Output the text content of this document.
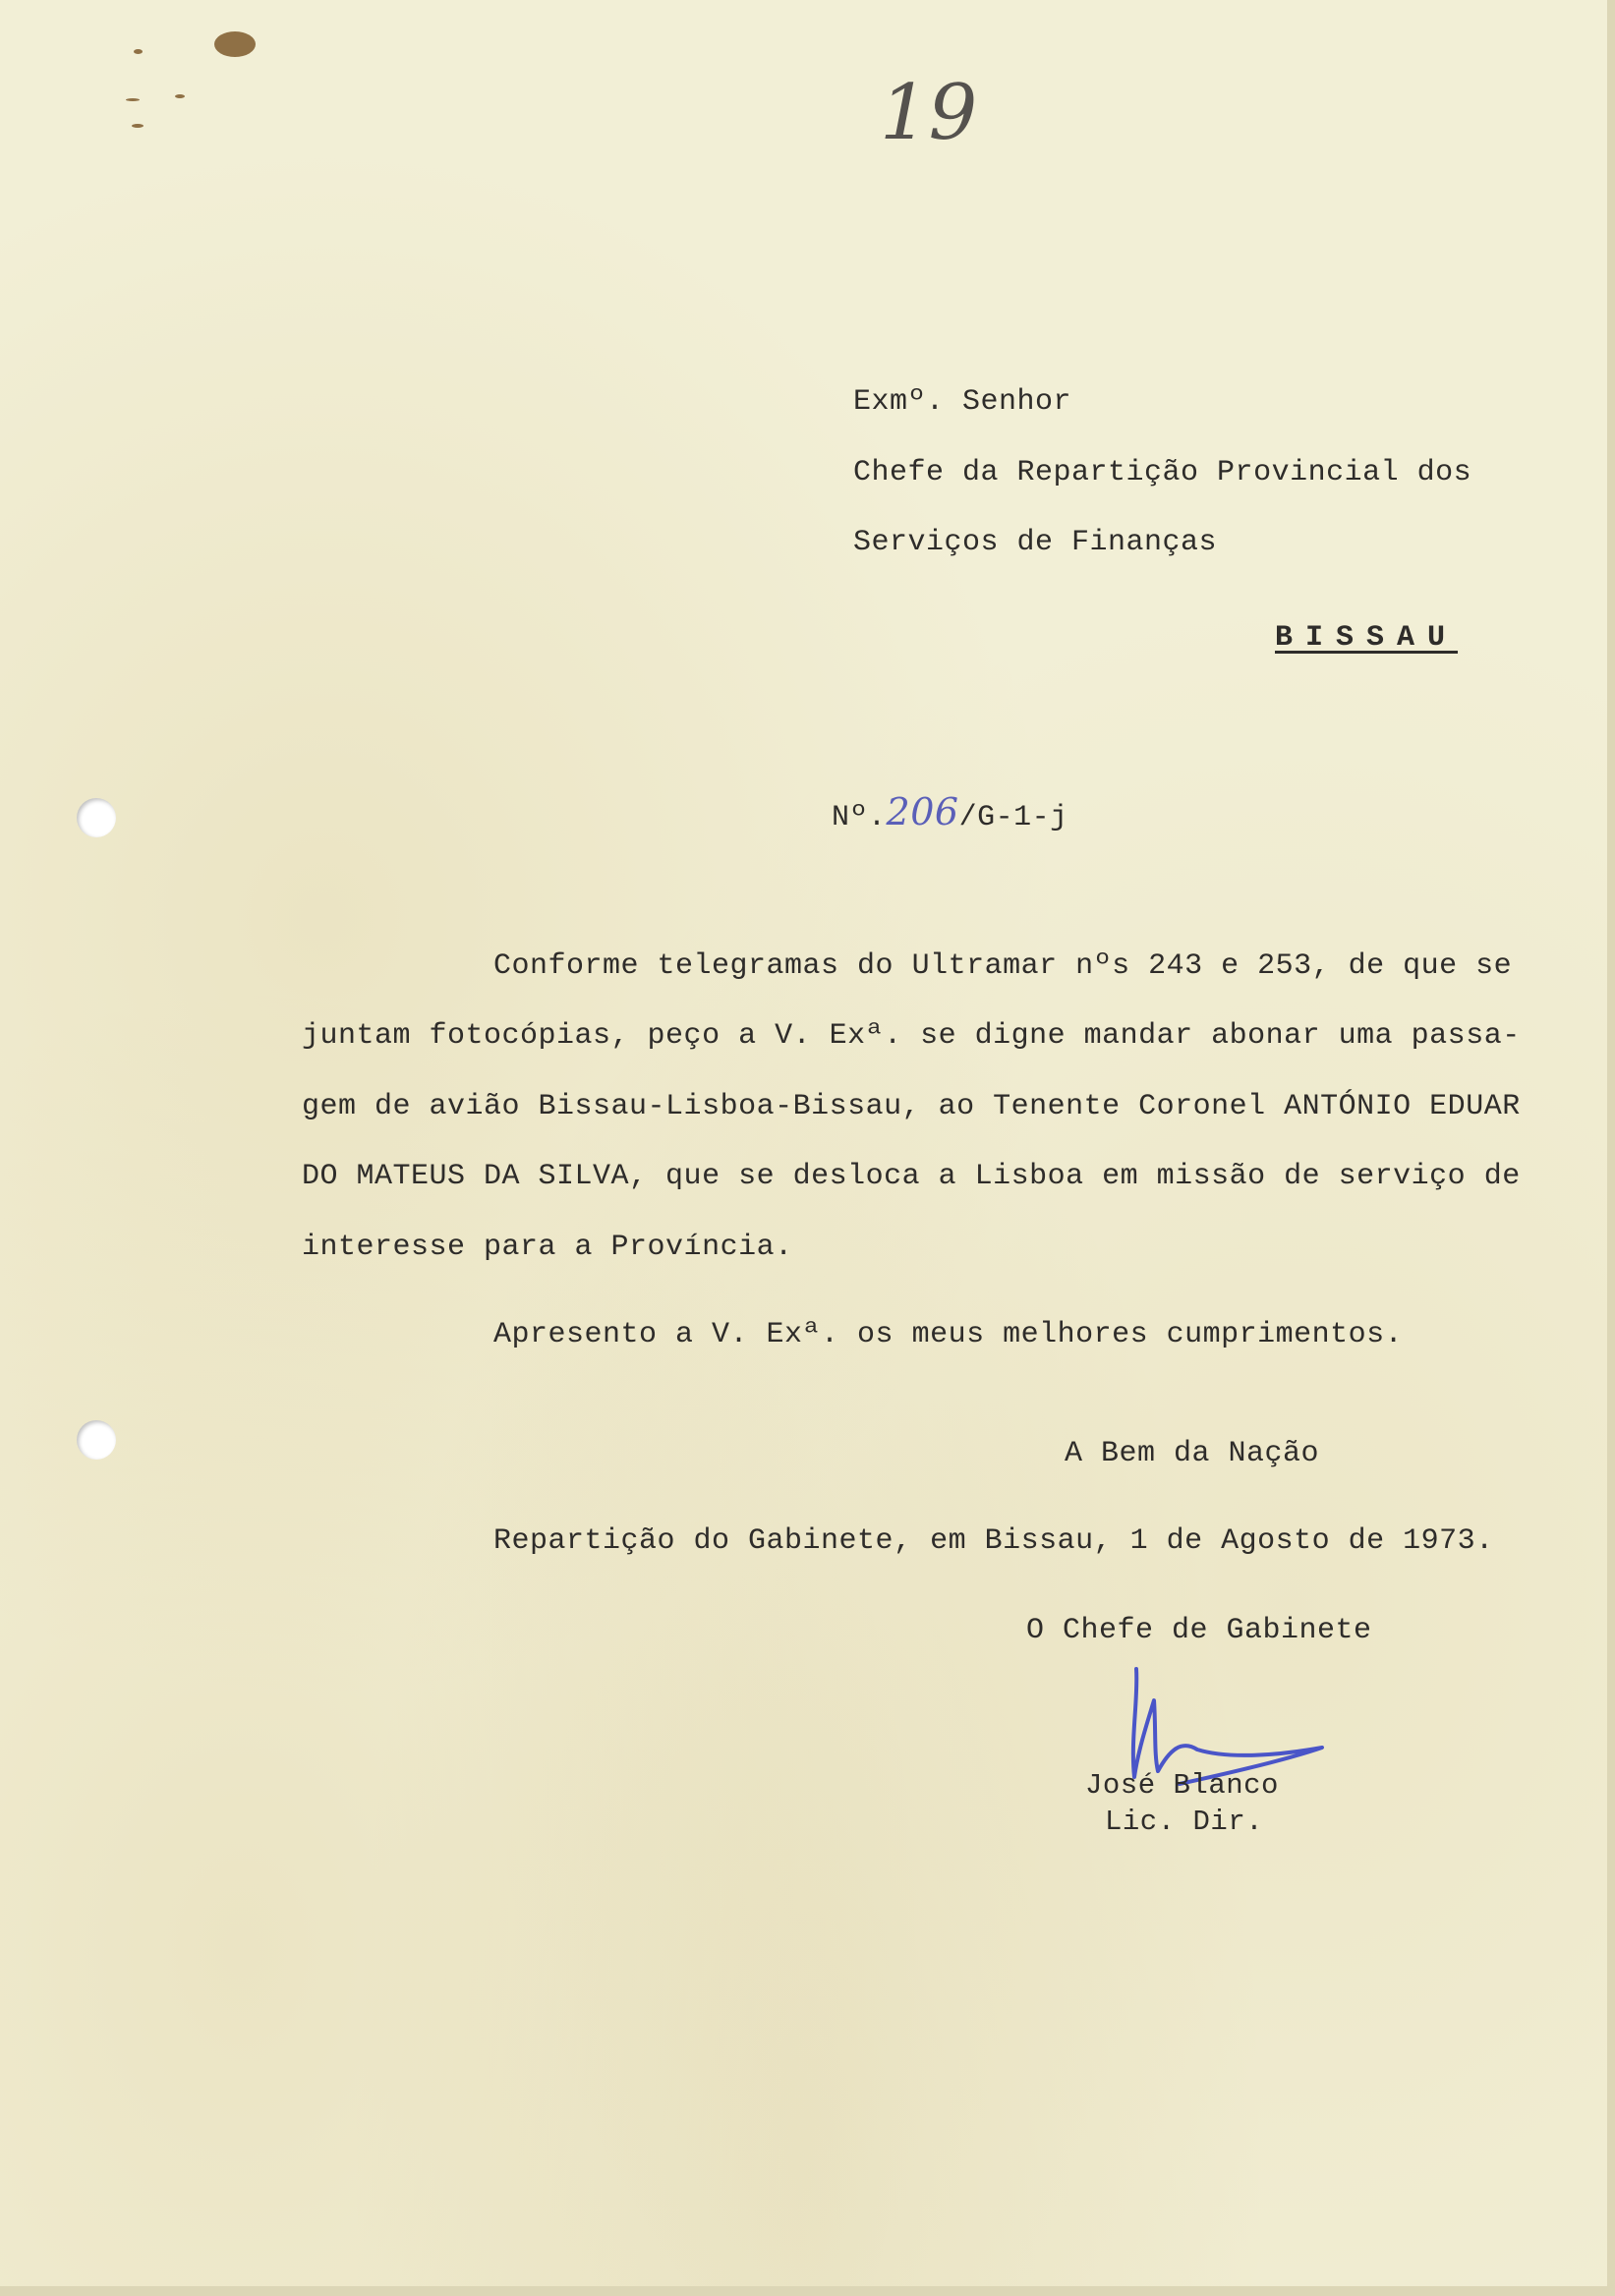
19
Exmº. Senhor
Chefe da Repartição Provincial dos
Serviços de Finanças
BISSAU

Nº.206/G-1-j

Conforme telegramas do Ultramar nºs 243 e 253, de que se
juntam fotocópias, peço a V. Exª. se digne mandar abonar uma passa-
gem de avião Bissau-Lisboa-Bissau, ao Tenente Coronel ANTÓNIO EDUAR
DO MATEUS DA SILVA, que se desloca a Lisboa em missão de serviço de
interesse para a Província.
Apresento a V. Exª. os meus melhores cumprimentos.
A Bem da Nação
Repartição do Gabinete, em Bissau, 1 de Agosto de 1973.
O Chefe de Gabinete
José Blanco
Lic. Dir.
